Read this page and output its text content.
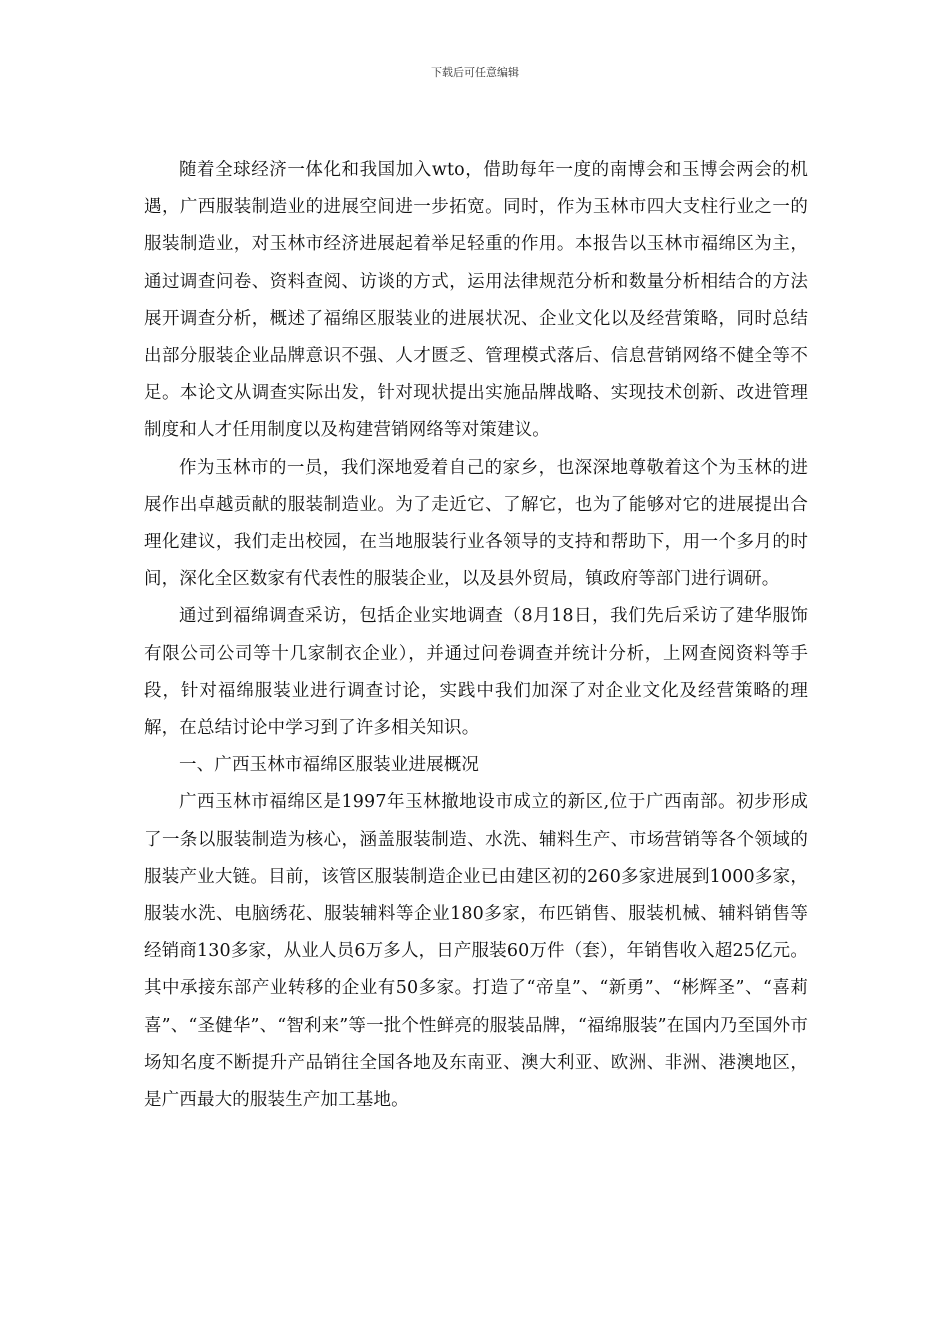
下载后可任意编辑

随着全球经济一体化和我国加入wto，借助每年一度的南博会和玉博会两会的机遇，广西服装制造业的进展空间进一步拓宽。同时，作为玉林市四大支柱行业之一的服装制造业，对玉林市经济进展起着举足轻重的作用。本报告以玉林市福绵区为主，通过调查问卷、资料查阅、访谈的方式，运用法律规范分析和数量分析相结合的方法展开调查分析，概述了福绵区服装业的进展状况、企业文化以及经营策略，同时总结出部分服装企业品牌意识不强、人才匮乏、管理模式落后、信息营销网络不健全等不足。本论文从调查实际出发，针对现状提出实施品牌战略、实现技术创新、改进管理制度和人才任用制度以及构建营销网络等对策建议。

作为玉林市的一员，我们深地爱着自己的家乡，也深深地尊敬着这个为玉林的进展作出卓越贡献的服装制造业。为了走近它、了解它，也为了能够对它的进展提出合理化建议，我们走出校园，在当地服装行业各领导的支持和帮助下，用一个多月的时间，深化全区数家有代表性的服装企业，以及县外贸局，镇政府等部门进行调研。

通过到福绵调查采访，包括企业实地调查（8月18日，我们先后采访了建华服饰有限公司公司等十几家制衣企业），并通过问卷调查并统计分析，上网查阅资料等手段，针对福绵服装业进行调查讨论，实践中我们加深了对企业文化及经营策略的理解，在总结讨论中学习到了许多相关知识。

一、广西玉林市福绵区服装业进展概况

广西玉林市福绵区是1997年玉林撤地设市成立的新区,位于广西南部。初步形成了一条以服装制造为核心，涵盖服装制造、水洗、辅料生产、市场营销等各个领域的服装产业大链。目前，该管区服装制造企业已由建区初的260多家进展到1000多家，服装水洗、电脑绣花、服装辅料等企业180多家，布匹销售、服装机械、辅料销售等经销商130多家，从业人员6万多人，日产服装60万件（套），年销售收入超25亿元。其中承接东部产业转移的企业有50多家。打造了“帝皇”、“新勇”、“彬辉圣”、“喜莉喜”、“圣健华”、“智利来”等一批个性鲜亮的服装品牌，“福绵服装”在国内乃至国外市场知名度不断提升产品销往全国各地及东南亚、澳大利亚、欧洲、非洲、港澳地区，是广西最大的服装生产加工基地。
